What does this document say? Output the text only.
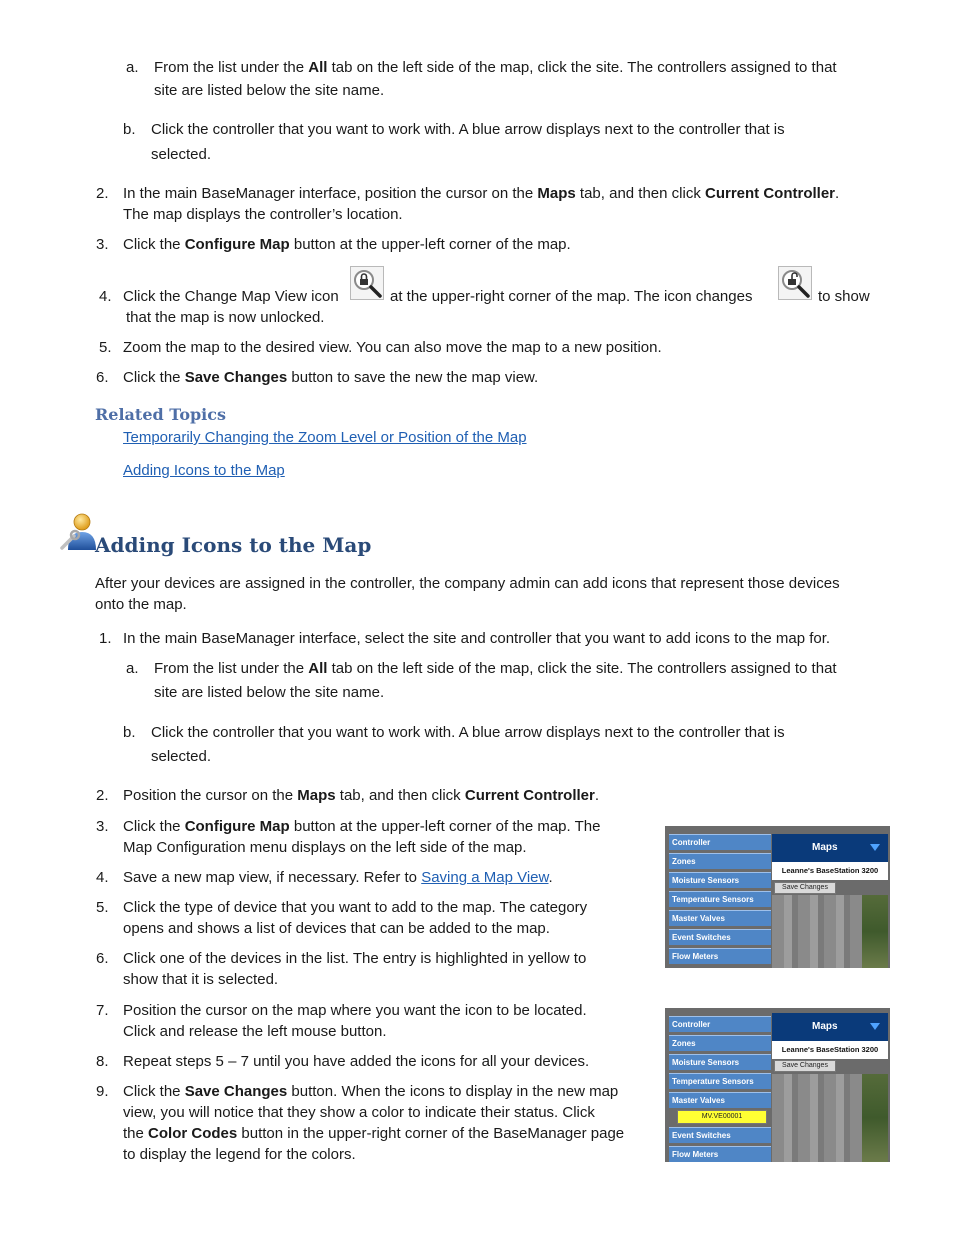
a. From the list under the All tab on the left side of the map, click the site. The controllers assigned to that
site are listed below the site name.
b. Click the controller that you want to work with. A blue arrow displays next to the controller that is
selected.
2. In the main BaseManager interface, position the cursor on the Maps tab, and then click Current Controller.
The map displays the controller’s location.
3. Click the Configure Map button at the upper-left corner of the map.
4. Click the Change Map View icon	at the upper-right corner of the map. The icon changes	to show
that the map is now unlocked.
5. Zoom the map to the desired view. You can also move the map to a new position.
6. Click the Save Changes button to save the new the map view.
Related Topics
Temporarily Changing the Zoom Level or Position of the Map
Adding Icons to the Map
Adding Icons to the Map
After your devices are assigned in the controller, the company admin can add icons that represent those devices
onto the map.
1. In the main BaseManager interface, select the site and controller that you want to add icons to the map for.
a. From the list under the All tab on the left side of the map, click the site. The controllers assigned to that
site are listed below the site name.
b. Click the controller that you want to work with. A blue arrow displays next to the controller that is
selected.
2. Position the cursor on the Maps tab, and then click Current Controller.
3. Click the Configure Map button at the upper-left corner of the map. The
Map Configuration menu displays on the left side of the map.
4. Save a new map view, if necessary. Refer to Saving a Map View.
5. Click the type of device that you want to add to the map. The category
opens and shows a list of devices that can be added to the map.
6. Click one of the devices in the list. The entry is highlighted in yellow to
show that it is selected.
7. Position the cursor on the map where you want the icon to be located.
Click and release the left mouse button.
8. Repeat steps 5 – 7 until you have added the icons for all your devices.
9. Click the Save Changes button. When the icons to display in the new map
view, you will notice that they show a color to indicate their status. Click
the Color Codes button in the upper-right corner of the BaseManager page
to display the legend for the colors.
Controller
Zones
Moisture Sensors
Temperature Sensors
Master Valves
Event Switches
Flow Meters
Maps
Leanne's BaseStation 3200
Save Changes
Controller
Zones
Moisture Sensors
Temperature Sensors
Master Valves
MV.VE00001
Event Switches
Flow Meters
Maps
Leanne's BaseStation 3200
Save Changes
